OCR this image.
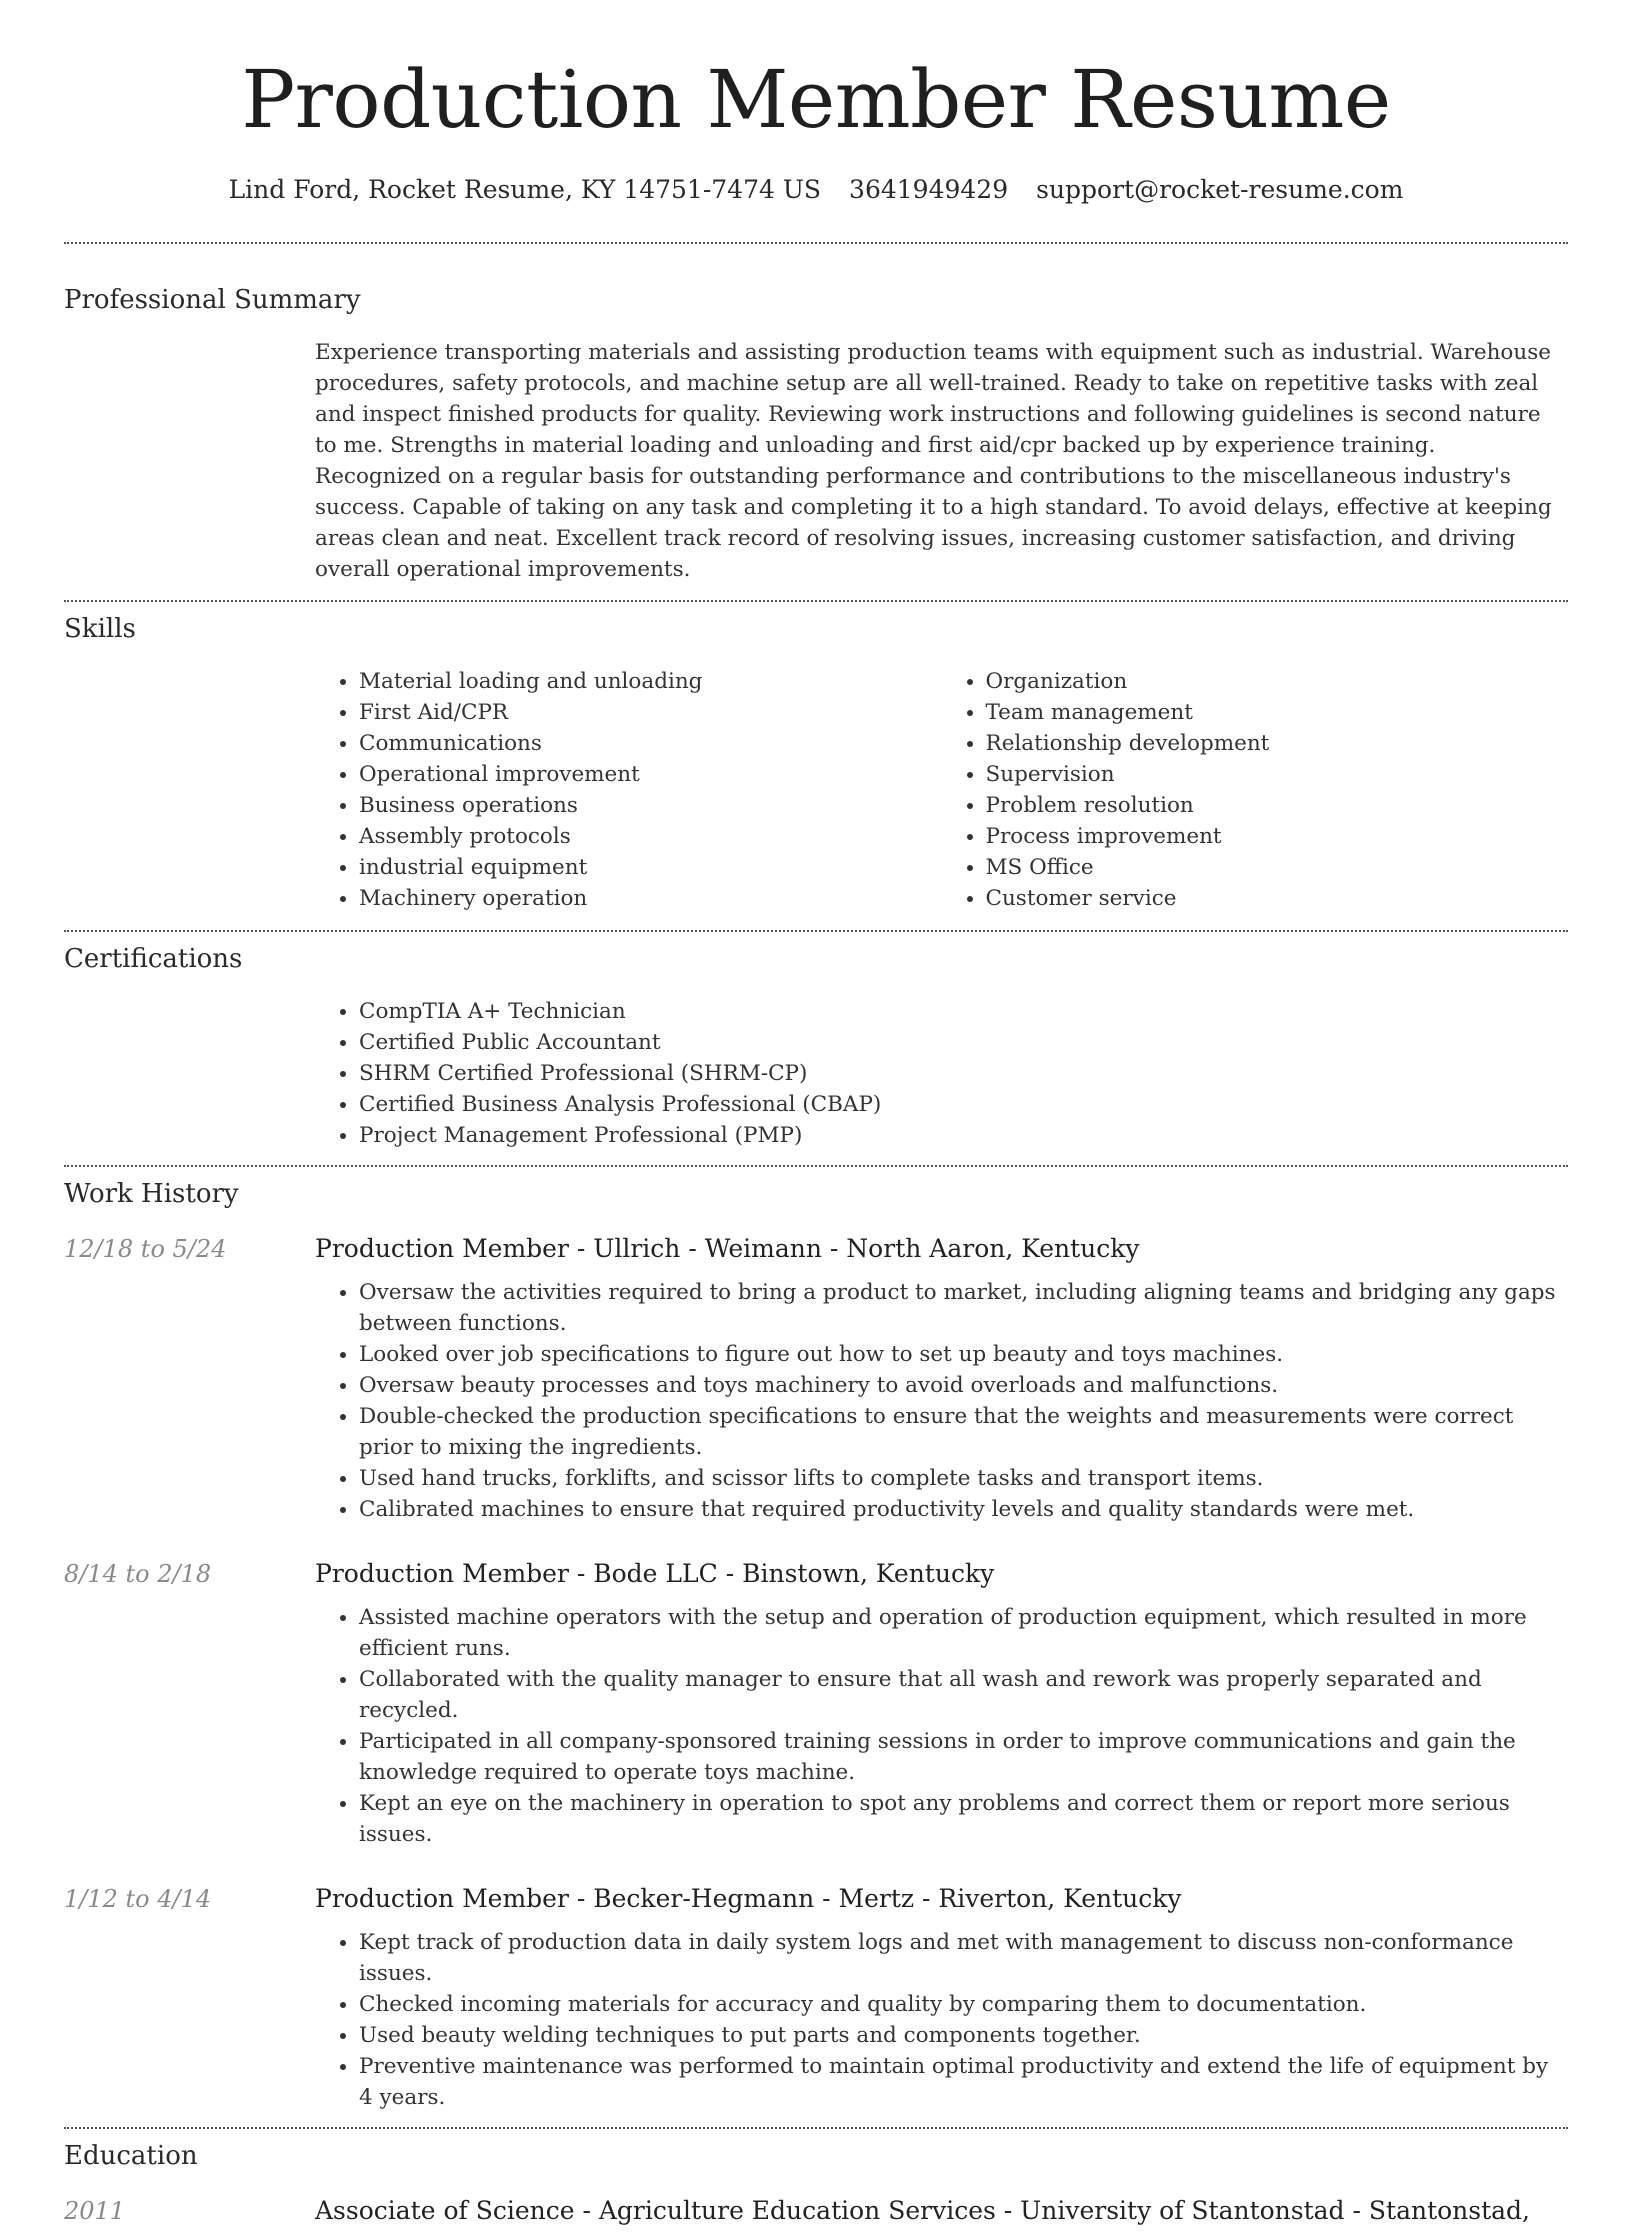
Production Member Resume
Lind Ford, Rocket Resume, KY 14751-7474 US 3641949429 support@rocket-resume.com
Professional Summary

Experience transporting materials and assisting production teams with equipment such as industrial. Warehouse procedures, safety protocols, and machine setup are all well-trained. Ready to take on repetitive tasks with zeal and inspect finished products for quality. Reviewing work instructions and following guidelines is second nature to me. Strengths in material loading and unloading and first aid/cpr backed up by experience training. Recognized on a regular basis for outstanding performance and contributions to the miscellaneous industry's success. Capable of taking on any task and completing it to a high standard. To avoid delays, effective at keeping areas clean and neat. Excellent track record of resolving issues, increasing customer satisfaction, and driving overall operational improvements.

Skills
• Material loading and unloading
• First Aid/CPR
• Communications
• Operational improvement
• Business operations
• Assembly protocols
• industrial equipment
• Machinery operation
• Organization
• Team management
• Relationship development
• Supervision
• Problem resolution
• Process improvement
• MS Office
• Customer service
Certifications
• CompTIA A+ Technician
• Certified Public Accountant
• SHRM Certified Professional (SHRM-CP)
• Certified Business Analysis Professional (CBAP)
• Project Management Professional (PMP)
Work History
12/18 to 5/24	Production Member - Ullrich - Weimann - North Aaron, Kentucky
• Oversaw the activities required to bring a product to market, including aligning teams and bridging any gaps between functions.
• Looked over job specifications to figure out how to set up beauty and toys machines.
• Oversaw beauty processes and toys machinery to avoid overloads and malfunctions.
• Double-checked the production specifications to ensure that the weights and measurements were correct prior to mixing the ingredients.
• Used hand trucks, forklifts, and scissor lifts to complete tasks and transport items.
• Calibrated machines to ensure that required productivity levels and quality standards were met.
8/14 to 2/18	Production Member - Bode LLC - Binstown, Kentucky
• Assisted machine operators with the setup and operation of production equipment, which resulted in more efficient runs.
• Collaborated with the quality manager to ensure that all wash and rework was properly separated and recycled.
• Participated in all company-sponsored training sessions in order to improve communications and gain the knowledge required to operate toys machine.
• Kept an eye on the machinery in operation to spot any problems and correct them or report more serious issues.
1/12 to 4/14	Production Member - Becker-Hegmann - Mertz - Riverton, Kentucky
• Kept track of production data in daily system logs and met with management to discuss non-conformance issues.
• Checked incoming materials for accuracy and quality by comparing them to documentation.
• Used beauty welding techniques to put parts and components together.
• Preventive maintenance was performed to maintain optimal productivity and extend the life of equipment by 4 years.
Education
2011	Associate of Science - Agriculture Education Services - University of Stantonstad - Stantonstad,
